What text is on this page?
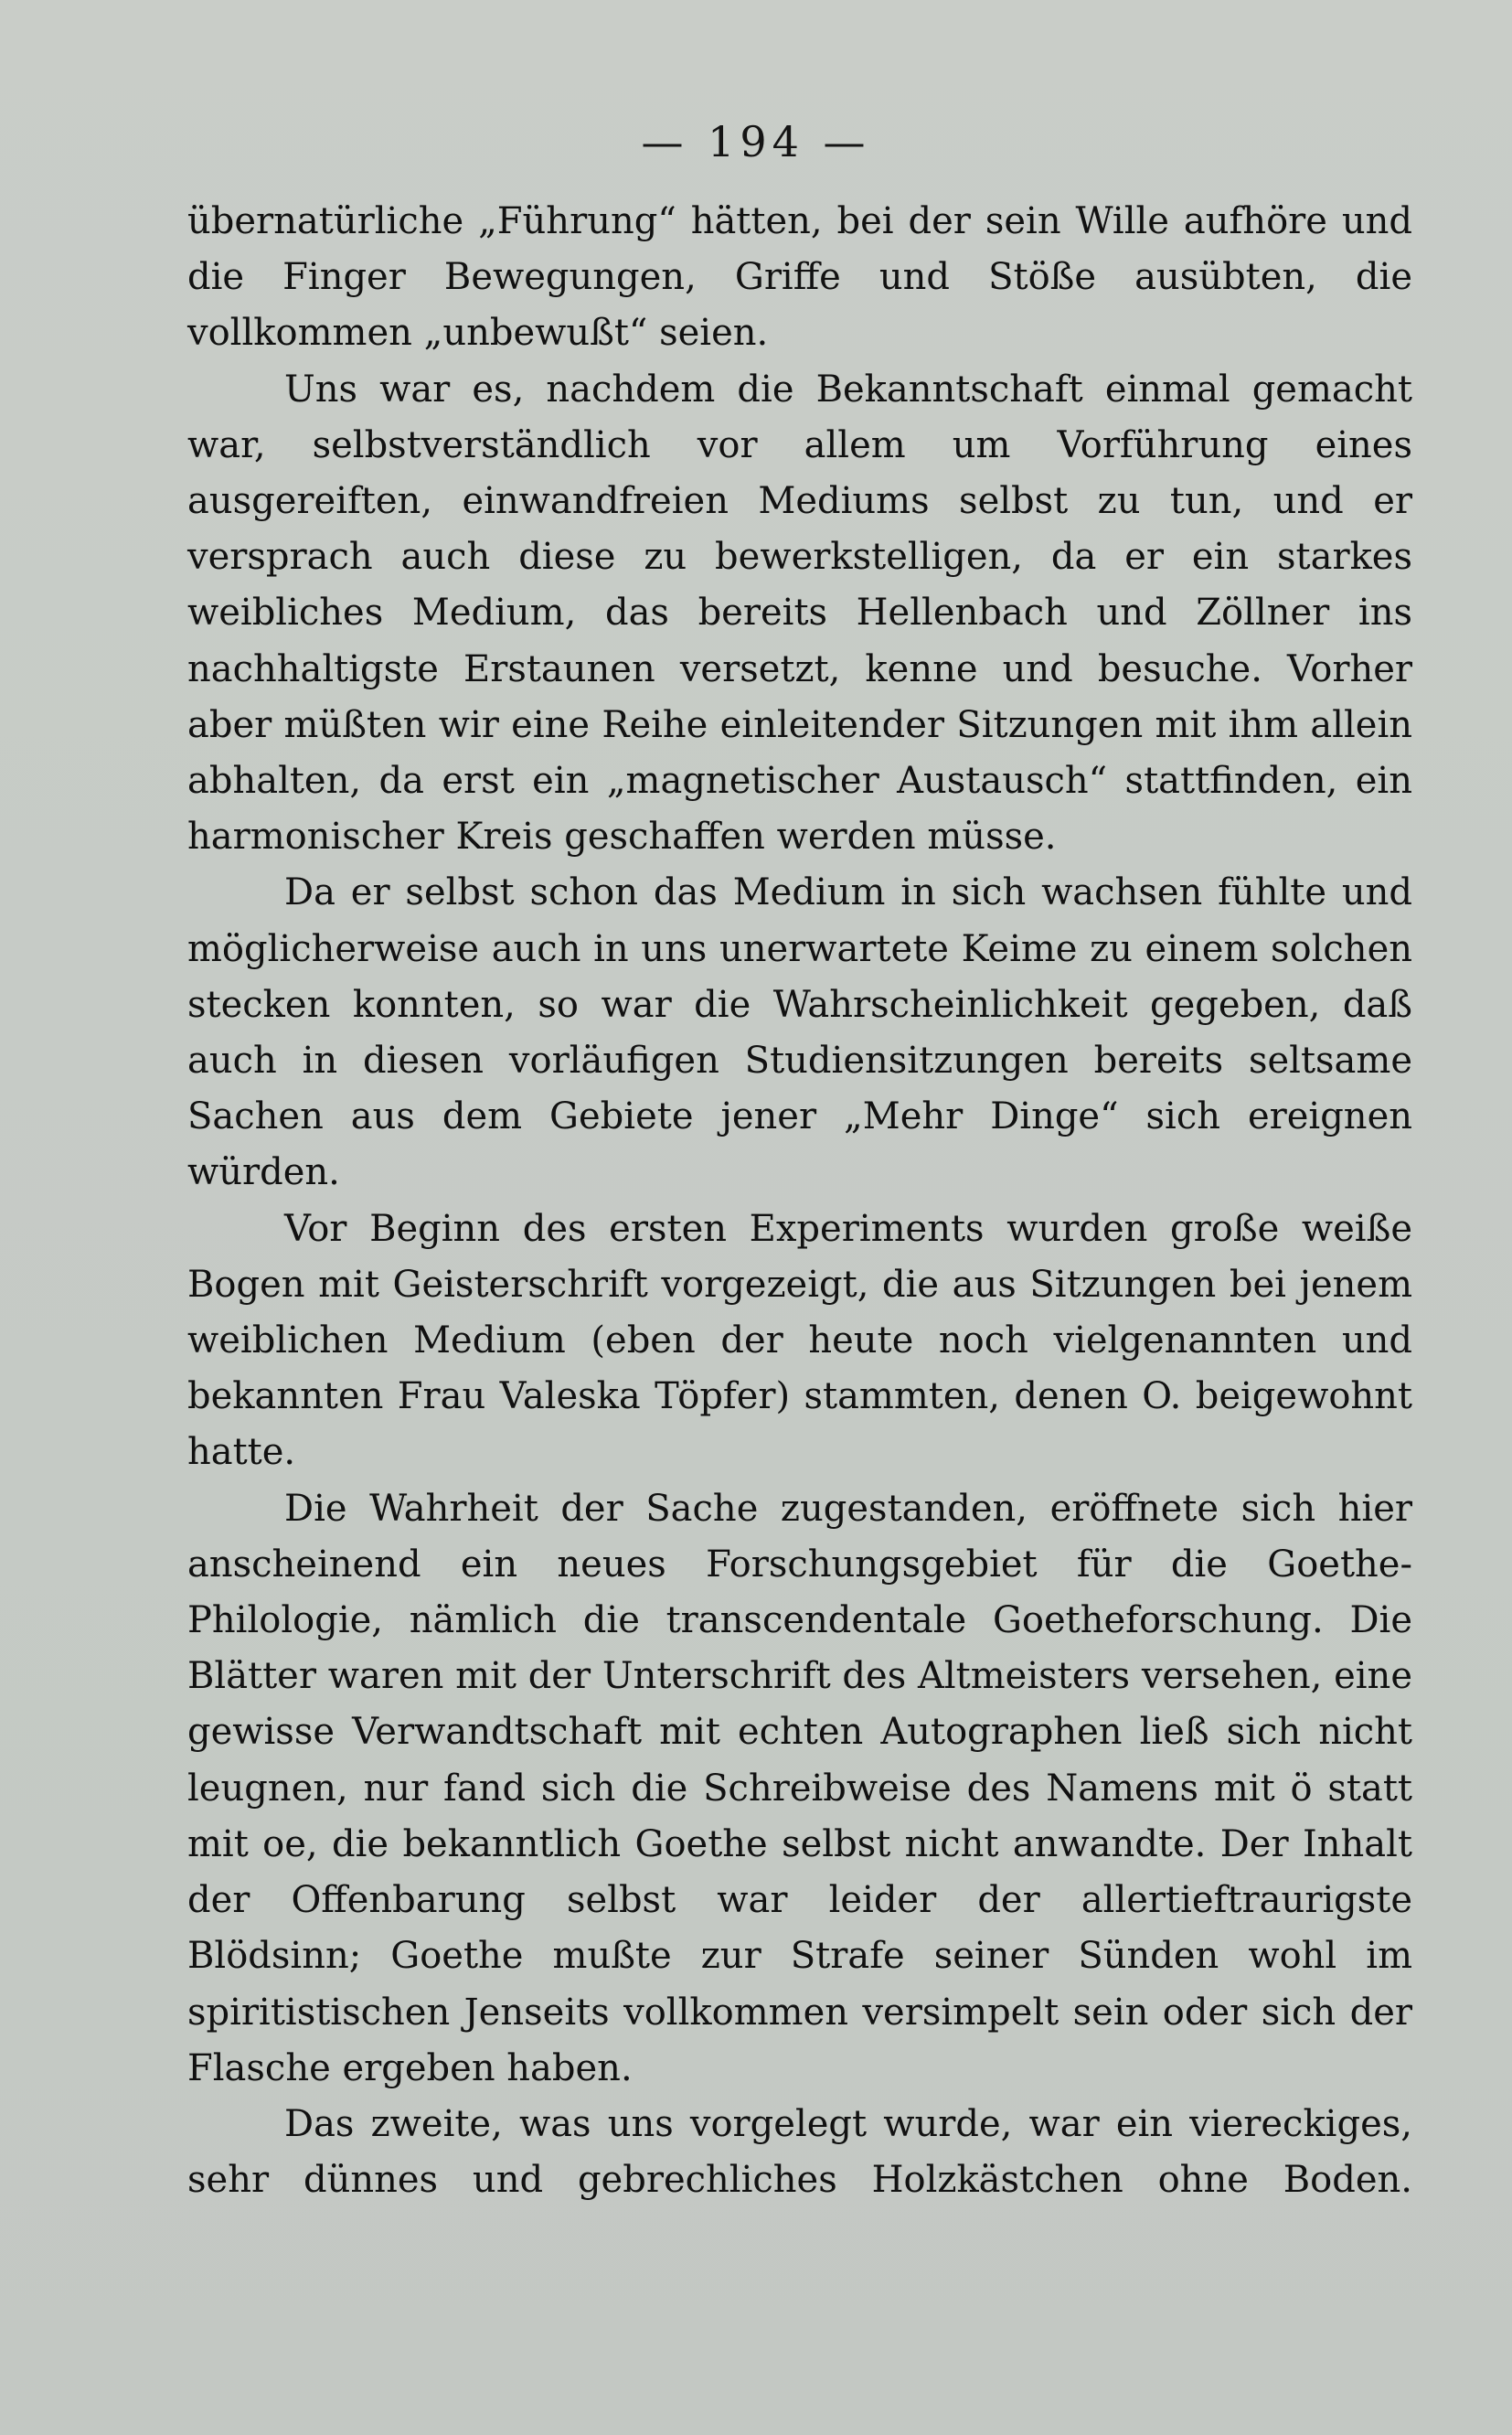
— 194 —

übernatürliche „Führung“ hätten, bei der sein Wille aufhöre und die Finger Bewegungen, Griffe und Stöße ausübten, die vollkommen „unbewußt“ seien.

Uns war es, nachdem die Bekanntschaft einmal gemacht war, selbstverständlich vor allem um Vorführung eines ausgereiften, einwandfreien Mediums selbst zu tun, und er versprach auch diese zu bewerkstelligen, da er ein starkes weibliches Medium, das bereits Hellenbach und Zöllner ins nachhaltigste Erstaunen versetzt, kenne und besuche. Vorher aber müßten wir eine Reihe einleitender Sitzungen mit ihm allein abhalten, da erst ein „magnetischer Austausch“ stattfinden, ein harmonischer Kreis geschaffen werden müsse.

Da er selbst schon das Medium in sich wachsen fühlte und möglicherweise auch in uns unerwartete Keime zu einem solchen stecken konnten, so war die Wahrscheinlichkeit gegeben, daß auch in diesen vorläufigen Studiensitzungen bereits seltsame Sachen aus dem Gebiete jener „Mehr Dinge“ sich ereignen würden.

Vor Beginn des ersten Experiments wurden große weiße Bogen mit Geisterschrift vorgezeigt, die aus Sitzungen bei jenem weiblichen Medium (eben der heute noch vielgenannten und bekannten Frau Valeska Töpfer) stammten, denen O. beigewohnt hatte.

Die Wahrheit der Sache zugestanden, eröffnete sich hier anscheinend ein neues Forschungsgebiet für die Goethe-Philologie, nämlich die transcendentale Goetheforschung. Die Blätter waren mit der Unterschrift des Altmeisters versehen, eine gewisse Verwandtschaft mit echten Autographen ließ sich nicht leugnen, nur fand sich die Schreibweise des Namens mit ö statt mit oe, die bekanntlich Goethe selbst nicht anwandte. Der Inhalt der Offenbarung selbst war leider der allertieftraurigste Blödsinn; Goethe mußte zur Strafe seiner Sünden wohl im spiritistischen Jenseits vollkommen versimpelt sein oder sich der Flasche ergeben haben.

Das zweite, was uns vorgelegt wurde, war ein viereckiges, sehr dünnes und gebrechliches Holzkästchen ohne Boden.
